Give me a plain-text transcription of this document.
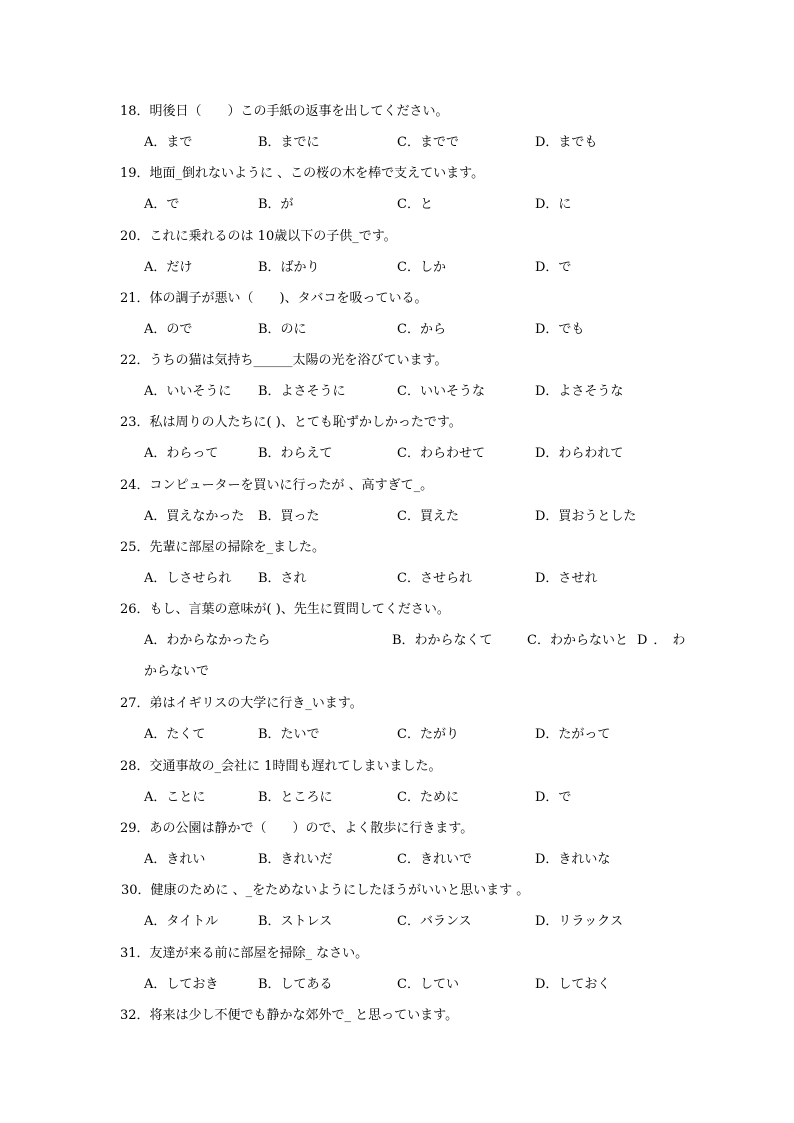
18．明後日（　　）この手紙の返事を出してください。
A．まで	B．までに	C．までで	D．までも
19．地面_倒れないように 、この桜の木を棒で支えています。
A．で	B．が	C．と	D．に
20．これに乗れるのは 10歳以下の子供_です。
A．だけ	B．ばかり	C．しか	D．で
21．体の調子が悪い（　　)、タバコを吸っている。
A．ので	B．のに	C．から	D．でも
22．うちの猫は気持ち______太陽の光を浴びています。
A．いいそうに B．よさそうに	C．いいそうな	D．よさそうな
23．私は周りの人たちに( )、とても恥ずかしかったです。
A．わらって	B．わらえて	C．わらわせて	D．わらわれて
24．コンピューターを買いに行ったが 、高すぎて_。
A．買えなかった B．買った	C．買えた	D．買おうとした
25．先輩に部屋の掃除を_ました。
A．しさせられ B．され	C．させられ	D．させれ
26．もし、言葉の意味が( )、先生に質問してください。
A．わからなかったら	B．わからなくて	C．わからないと D．わ
からないで
27．弟はイギリスの大学に行き_います。
A．たくて	B．たいで	C．たがり	D．たがって
28．交通事故の_会社に 1時間も遅れてしまいました。
A．ことに	B．ところに	C．ために	D．で
29．あの公園は静かで（　　）ので、よく散歩に行きます。
A．きれい	B．きれいだ	C．きれいで	D．きれいな
30．健康のために 、_をためないようにしたほうがいいと思います 。
A．タイトル	B．ストレス	C．バランス	D．リラックス
31．友達が来る前に部屋を掃除_ なさい。
A．しておき	B．してある	C．してい	D．しておく
32．将来は少し不便でも静かな郊外で_ と思っています。
